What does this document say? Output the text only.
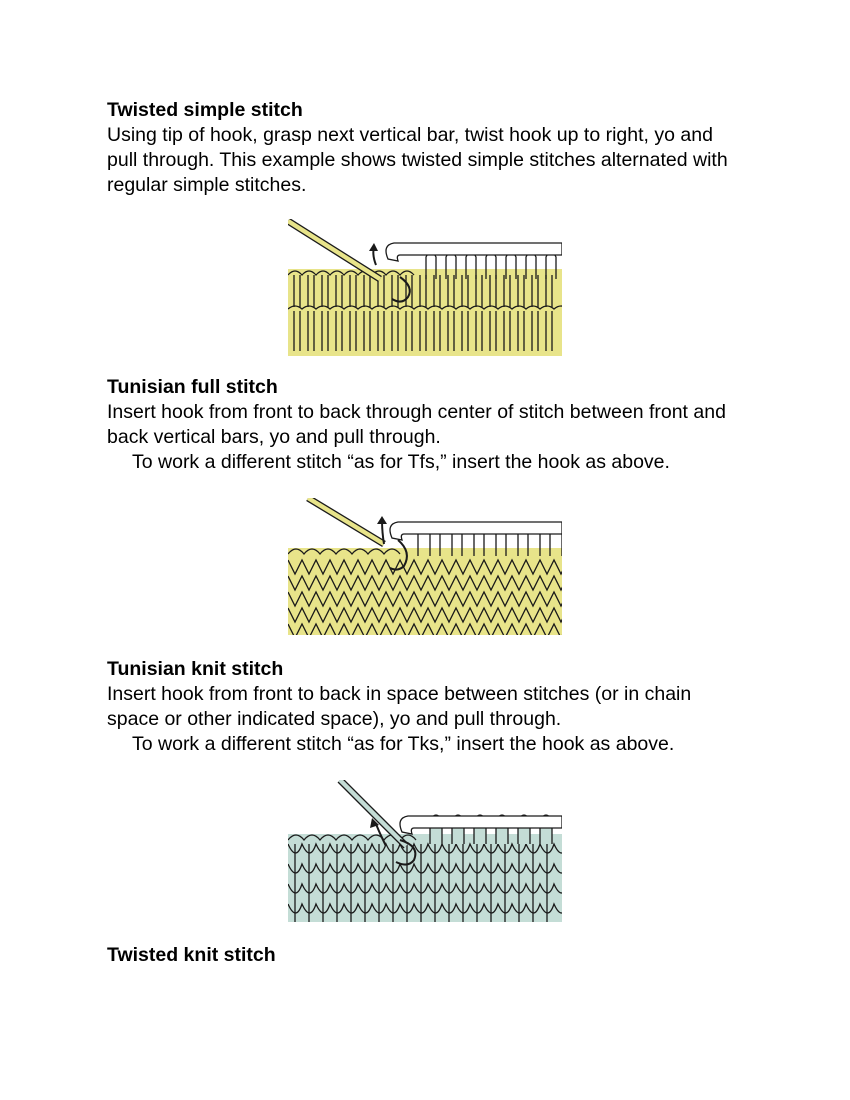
Twisted simple stitch

Using tip of hook, grasp next vertical bar, twist hook up to right, yo and pull through. This example shows twisted simple stitches alternated with regular simple stitches.

Tunisian full stitch

Insert hook from front to back through center of stitch between front and back vertical bars, yo and pull through.

To work a different stitch “as for Tfs,” insert the hook as above.

Tunisian knit stitch

Insert hook from front to back in space between stitches (or in chain space or other indicated space), yo and pull through.

To work a different stitch “as for Tks,” insert the hook as above.

Twisted knit stitch
